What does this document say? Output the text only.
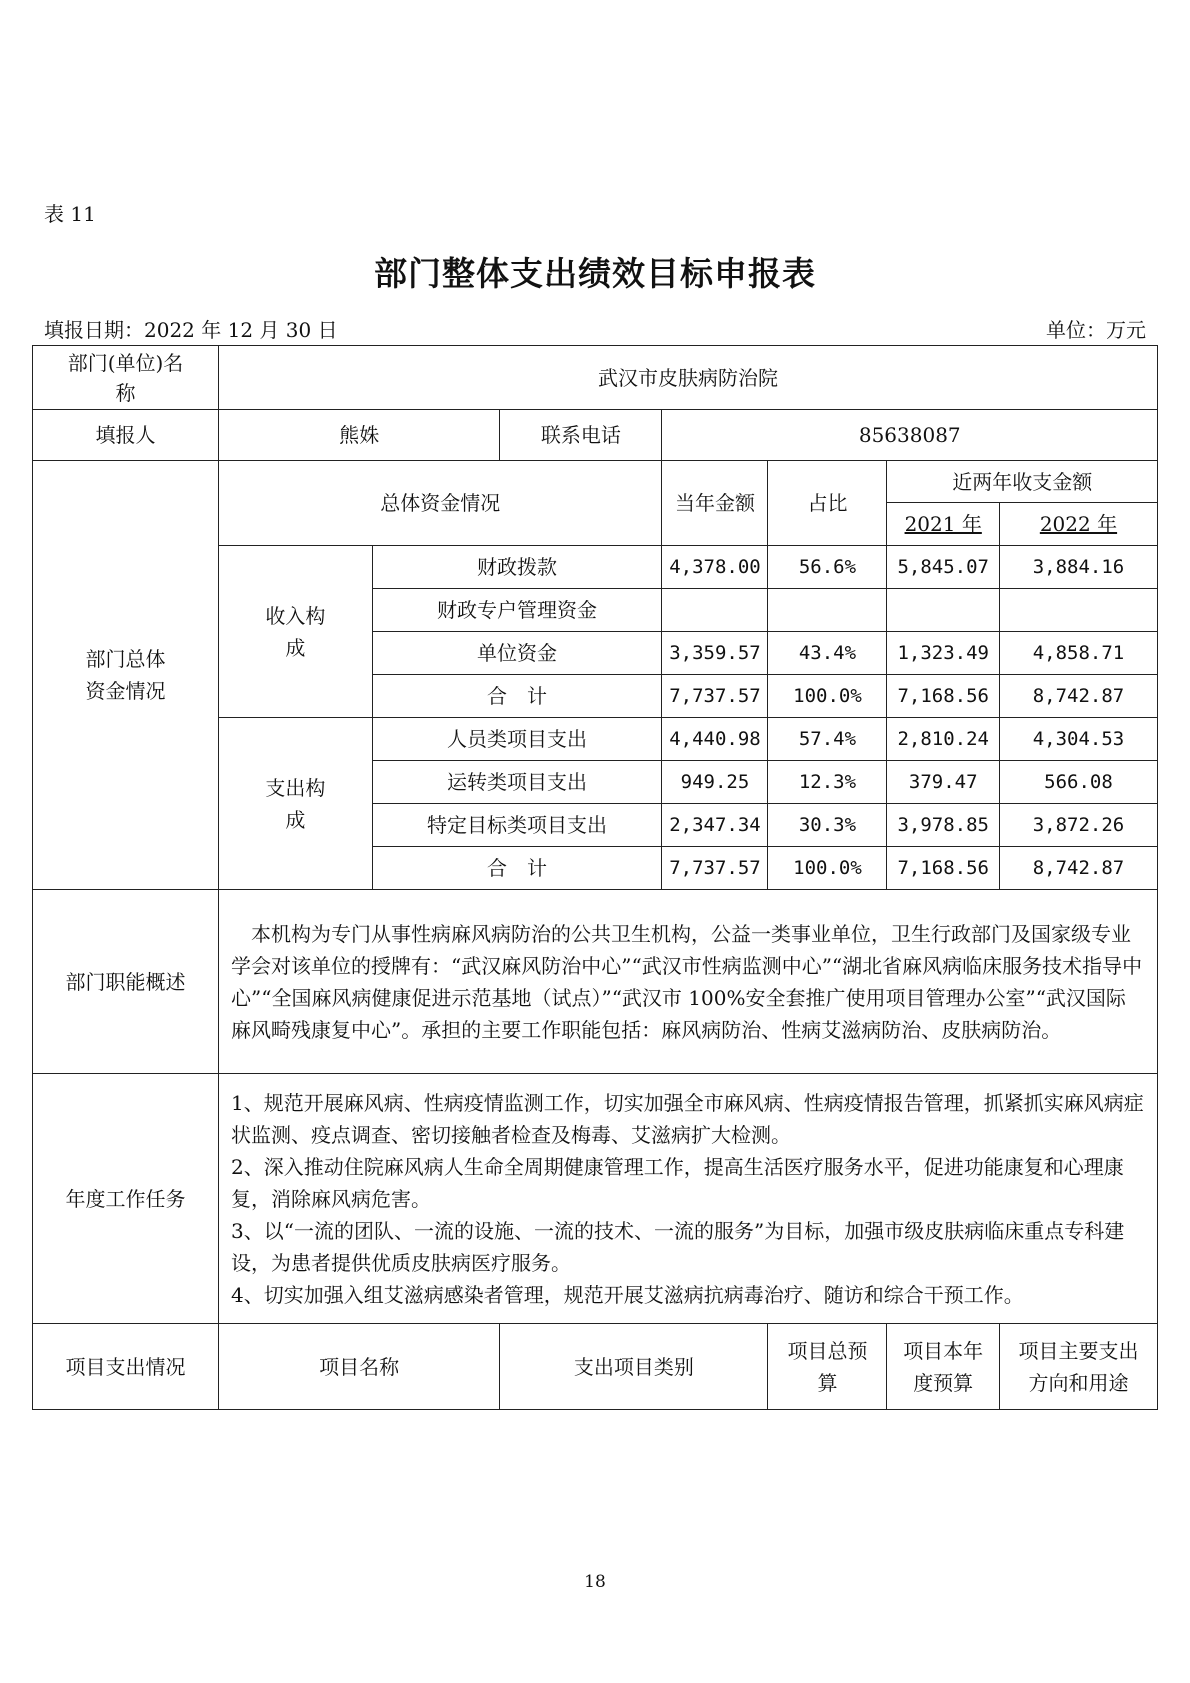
表 11
部门整体支出绩效目标申报表
填报日期：2022 年 12 月 30 日	单位：万元
部门(单位)名称	武汉市皮肤病防治院						
填报人	熊姝		联系电话	85638087			
部门总体资金情况	总体资金情况			当年金额	占比	近两年收支金额	
						2021 年	2022 年
	收入构成	财政拨款		4,378.00	56.6%	5,845.07	3,884.16
		财政专户管理资金					
		单位资金		3,359.57	43.4%	1,323.49	4,858.71
		合　计		7,737.57	100.0%	7,168.56	8,742.87
	支出构成	人员类项目支出		4,440.98	57.4%	2,810.24	4,304.53
		运转类项目支出		949.25	12.3%	379.47	566.08
		特定目标类项目支出		2,347.34	30.3%	3,978.85	3,872.26
		合　计		7,737.57	100.0%	7,168.56	8,742.87
部门职能概述	本机构为专门从事性病麻风病防治的公共卫生机构，公益一类事业单位，卫生行政部门及国家级专业学会对该单位的授牌有：“武汉麻风防治中心”“武汉市性病监测中心”“湖北省麻风病临床服务技术指导中心”“全国麻风病健康促进示范基地（试点）”“武汉市 100%安全套推广使用项目管理办公室”“武汉国际麻风畸残康复中心”。承担的主要工作职能包括：麻风病防治、性病艾滋病防治、皮肤病防治。						
年度工作任务	1、规范开展麻风病、性病疫情监测工作，切实加强全市麻风病、性病疫情报告管理，抓紧抓实麻风病症状监测、疫点调查、密切接触者检查及梅毒、艾滋病扩大检测。

2、深入推动住院麻风病人生命全周期健康管理工作，提高生活医疗服务水平，促进功能康复和心理康复，消除麻风病危害。

3、以“一流的团队、一流的设施、一流的技术、一流的服务”为目标，加强市级皮肤病临床重点专科建设，为患者提供优质皮肤病医疗服务。

4、切实加强入组艾滋病感染者管理，规范开展艾滋病抗病毒治疗、随访和综合干预工作。						

项目支出情况	项目名称		支出项目类别		项目总预算	项目本年度预算	项目主要支出方向和用途
18
